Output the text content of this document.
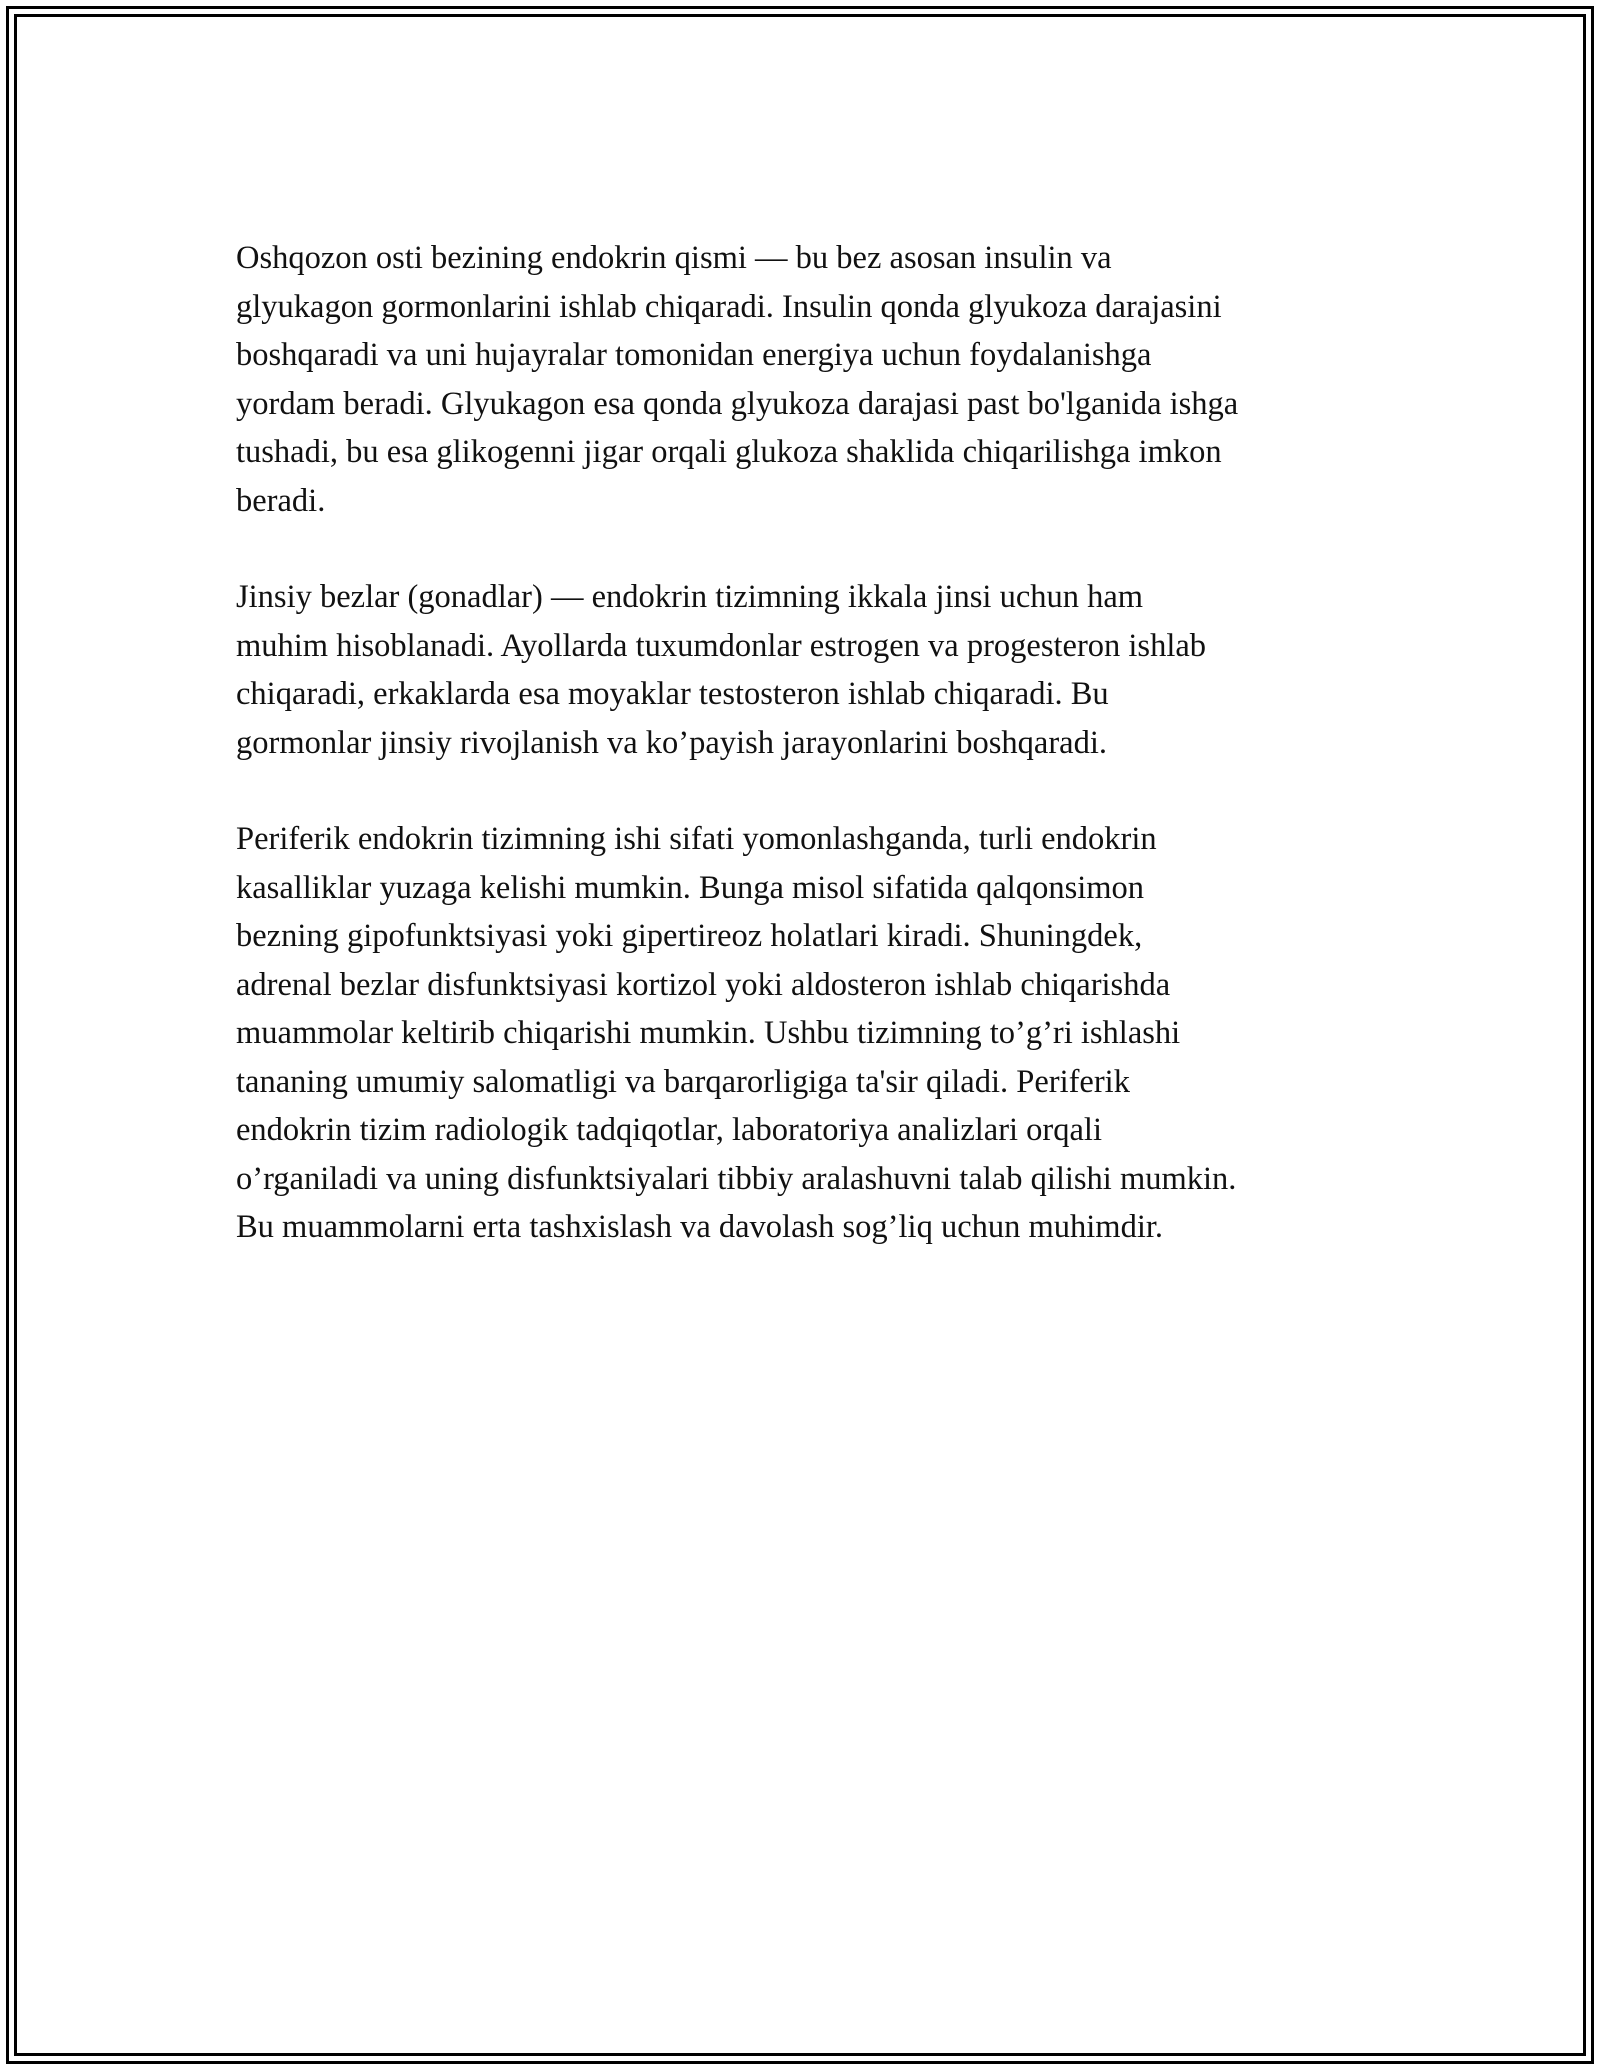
Oshqozon osti bezining endokrin qismi — bu bez asosan insulin va
glyukagon gormonlarini ishlab chiqaradi. Insulin qonda glyukoza darajasini
boshqaradi va uni hujayralar tomonidan energiya uchun foydalanishga
yordam beradi. Glyukagon esa qonda glyukoza darajasi past bo'lganida ishga
tushadi, bu esa glikogenni jigar orqali glukoza shaklida chiqarilishga imkon
beradi.

Jinsiy bezlar (gonadlar) — endokrin tizimning ikkala jinsi uchun ham
muhim hisoblanadi. Ayollarda tuxumdonlar estrogen va progesteron ishlab
chiqaradi, erkaklarda esa moyaklar testosteron ishlab chiqaradi. Bu
gormonlar jinsiy rivojlanish va ko’payish jarayonlarini boshqaradi.

Periferik endokrin tizimning ishi sifati yomonlashganda, turli endokrin
kasalliklar yuzaga kelishi mumkin. Bunga misol sifatida qalqonsimon
bezning gipofunktsiyasi yoki gipertireoz holatlari kiradi. Shuningdek,
adrenal bezlar disfunktsiyasi kortizol yoki aldosteron ishlab chiqarishda
muammolar keltirib chiqarishi mumkin. Ushbu tizimning to’g’ri ishlashi
tananing umumiy salomatligi va barqarorligiga ta'sir qiladi. Periferik
endokrin tizim radiologik tadqiqotlar, laboratoriya analizlari orqali
o’rganiladi va uning disfunktsiyalari tibbiy aralashuvni talab qilishi mumkin.
Bu muammolarni erta tashxislash va davolash sog’liq uchun muhimdir.
